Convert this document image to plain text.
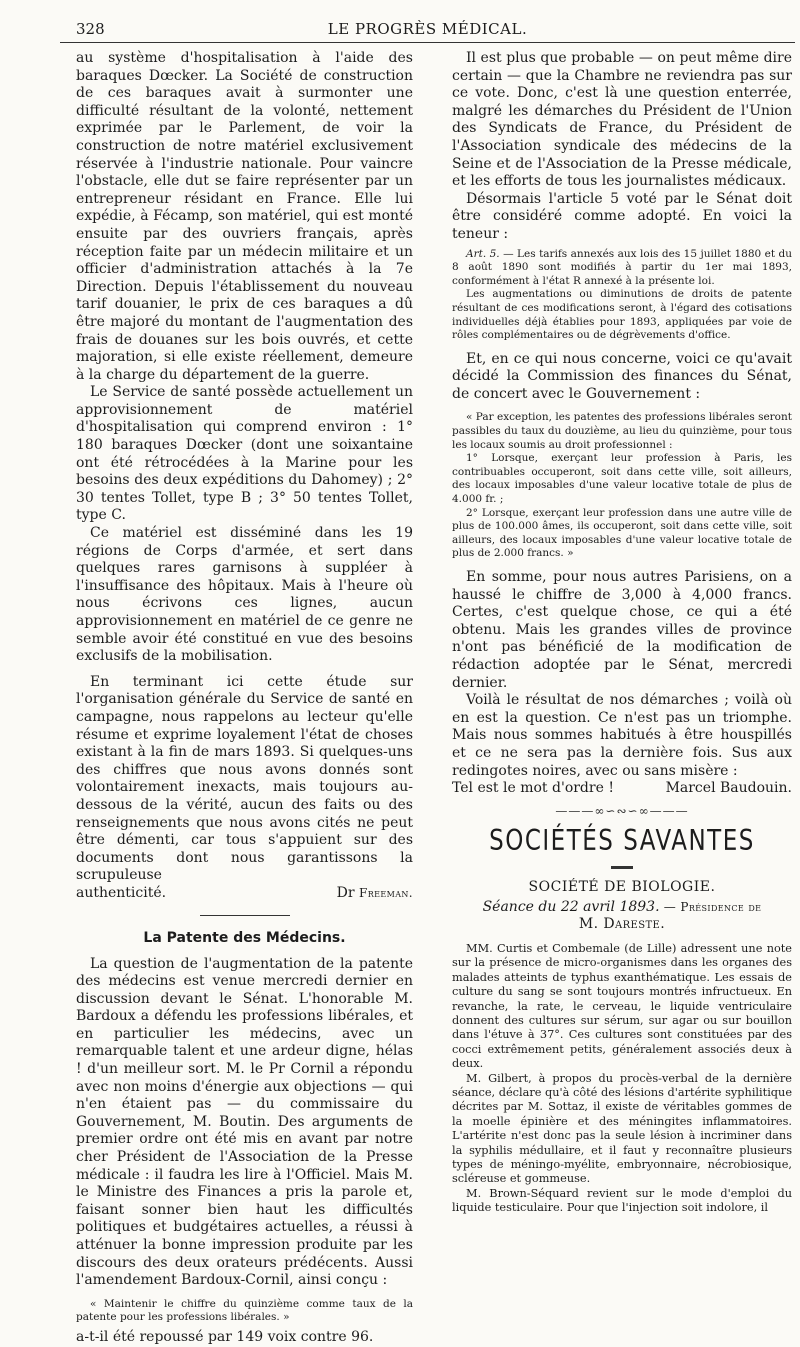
328	LE PROGRÈS MÉDICAL.

au système d'hospitalisation à l'aide des baraques Dœcker. La Société de construction de ces baraques avait à surmonter une difficulté résultant de la volonté, nettement exprimée par le Parlement, de voir la construction de notre matériel exclusivement réservée à l'industrie nationale. Pour vaincre l'obstacle, elle dut se faire représenter par un entrepreneur résidant en France. Elle lui expédie, à Fécamp, son matériel, qui est monté ensuite par des ouvriers français, après réception faite par un médecin militaire et un officier d'administration attachés à la 7e Direction. Depuis l'établissement du nouveau tarif douanier, le prix de ces baraques a dû être majoré du montant de l'augmentation des frais de douanes sur les bois ouvrés, et cette majoration, si elle existe réellement, demeure à la charge du département de la guerre.

Le Service de santé possède actuellement un approvisionnement de matériel d'hospitalisation qui comprend environ : 1° 180 baraques Dœcker (dont une soixantaine ont été rétrocédées à la Marine pour les besoins des deux expéditions du Dahomey) ; 2° 30 tentes Tollet, type B ; 3° 50 tentes Tollet, type C.

Ce matériel est disséminé dans les 19 régions de Corps d'armée, et sert dans quelques rares garnisons à suppléer à l'insuffisance des hôpitaux. Mais à l'heure où nous écrivons ces lignes, aucun approvisionnement en matériel de ce genre ne semble avoir été constitué en vue des besoins exclusifs de la mobilisation.

En terminant ici cette étude sur l'organisation générale du Service de santé en campagne, nous rappelons au lecteur qu'elle résume et exprime loyalement l'état de choses existant à la fin de mars 1893. Si quelques-uns des chiffres que nous avons donnés sont volontairement inexacts, mais toujours au-dessous de la vérité, aucun des faits ou des renseignements que nous avons cités ne peut être démenti, car tous s'appuient sur des documents dont nous garantissons la scrupuleuse

authenticité.	Dr Freeman.
La Patente des Médecins.

La question de l'augmentation de la patente des médecins est venue mercredi dernier en discussion devant le Sénat. L'honorable M. Bardoux a défendu les professions libérales, et en particulier les médecins, avec un remarquable talent et une ardeur digne, hélas ! d'un meilleur sort. M. le Pr Cornil a répondu avec non moins d'énergie aux objections — qui n'en étaient pas — du commissaire du Gouvernement, M. Boutin. Des arguments de premier ordre ont été mis en avant par notre cher Président de l'Association de la Presse médicale : il faudra les lire à l'Officiel. Mais M. le Ministre des Finances a pris la parole et, faisant sonner bien haut les difficultés politiques et budgétaires actuelles, a réussi à atténuer la bonne impression produite par les discours des deux orateurs prédécents. Aussi l'amendement Bardoux-Cornil, ainsi conçu :

« Maintenir le chiffre du quinzième comme taux de la patente pour les professions libérales. »

a-t-il été repoussé par 149 voix contre 96.

Il est plus que probable — on peut même dire certain — que la Chambre ne reviendra pas sur ce vote. Donc, c'est là une question enterrée, malgré les démarches du Président de l'Union des Syndicats de France, du Président de l'Association syndicale des médecins de la Seine et de l'Association de la Presse médicale, et les efforts de tous les journalistes médicaux.

Désormais l'article 5 voté par le Sénat doit être considéré comme adopté. En voici la teneur :

Art. 5. — Les tarifs annexés aux lois des 15 juillet 1880 et du 8 août 1890 sont modifiés à partir du 1er mai 1893, conformément à l'état R annexé à la présente loi.

Les augmentations ou diminutions de droits de patente résultant de ces modifications seront, à l'égard des cotisations individuelles déjà établies pour 1893, appliquées par voie de rôles complémentaires ou de dégrèvements d'office.

Et, en ce qui nous concerne, voici ce qu'avait décidé la Commission des finances du Sénat, de concert avec le Gouvernement :

« Par exception, les patentes des professions libérales seront passibles du taux du douzième, au lieu du quinzième, pour tous les locaux soumis au droit professionnel :

1° Lorsque, exerçant leur profession à Paris, les contribuables occuperont, soit dans cette ville, soit ailleurs, des locaux imposables d'une valeur locative totale de plus de 4.000 fr. ;

2° Lorsque, exerçant leur profession dans une autre ville de plus de 100.000 âmes, ils occuperont, soit dans cette ville, soit ailleurs, des locaux imposables d'une valeur locative totale de plus de 2.000 francs. »

En somme, pour nous autres Parisiens, on a haussé le chiffre de 3,000 à 4,000 francs. Certes, c'est quelque chose, ce qui a été obtenu. Mais les grandes villes de province n'ont pas bénéficié de la modification de rédaction adoptée par le Sénat, mercredi dernier.

Voilà le résultat de nos démarches ; voilà où en est la question. Ce n'est pas un triomphe. Mais nous sommes habitués à être houspillés et ce ne sera pas la dernière fois. Sus aux redingotes noires, avec ou sans misère :

Tel est le mot d'ordre !	Marcel Baudouin.
———∞∽∾∽∞———
SOCIÉTÉS SAVANTES
SOCIÉTÉ DE BIOLOGIE.
Séance du 22 avril 1893. — Présidence de
M. Dareste.

MM. Curtis et Combemale (de Lille) adressent une note sur la présence de micro-organismes dans les organes des malades atteints de typhus exanthématique. Les essais de culture du sang se sont toujours montrés infructueux. En revanche, la rate, le cerveau, le liquide ventriculaire donnent des cultures sur sérum, sur agar ou sur bouillon dans l'étuve à 37°. Ces cultures sont constituées par des cocci extrêmement petits, généralement associés deux à deux.

M. Gilbert, à propos du procès-verbal de la dernière séance, déclare qu'à côté des lésions d'artérite syphilitique décrites par M. Sottaz, il existe de véritables gommes de la moelle épinière et des méningites inflammatoires. L'artérite n'est donc pas la seule lésion à incriminer dans la syphilis médullaire, et il faut y reconnaître plusieurs types de méningo-myélite, embryonnaire, nécrobiosique, scléreuse et gommeuse.

M. Brown-Séquard revient sur le mode d'emploi du liquide testiculaire. Pour que l'injection soit indolore, il
